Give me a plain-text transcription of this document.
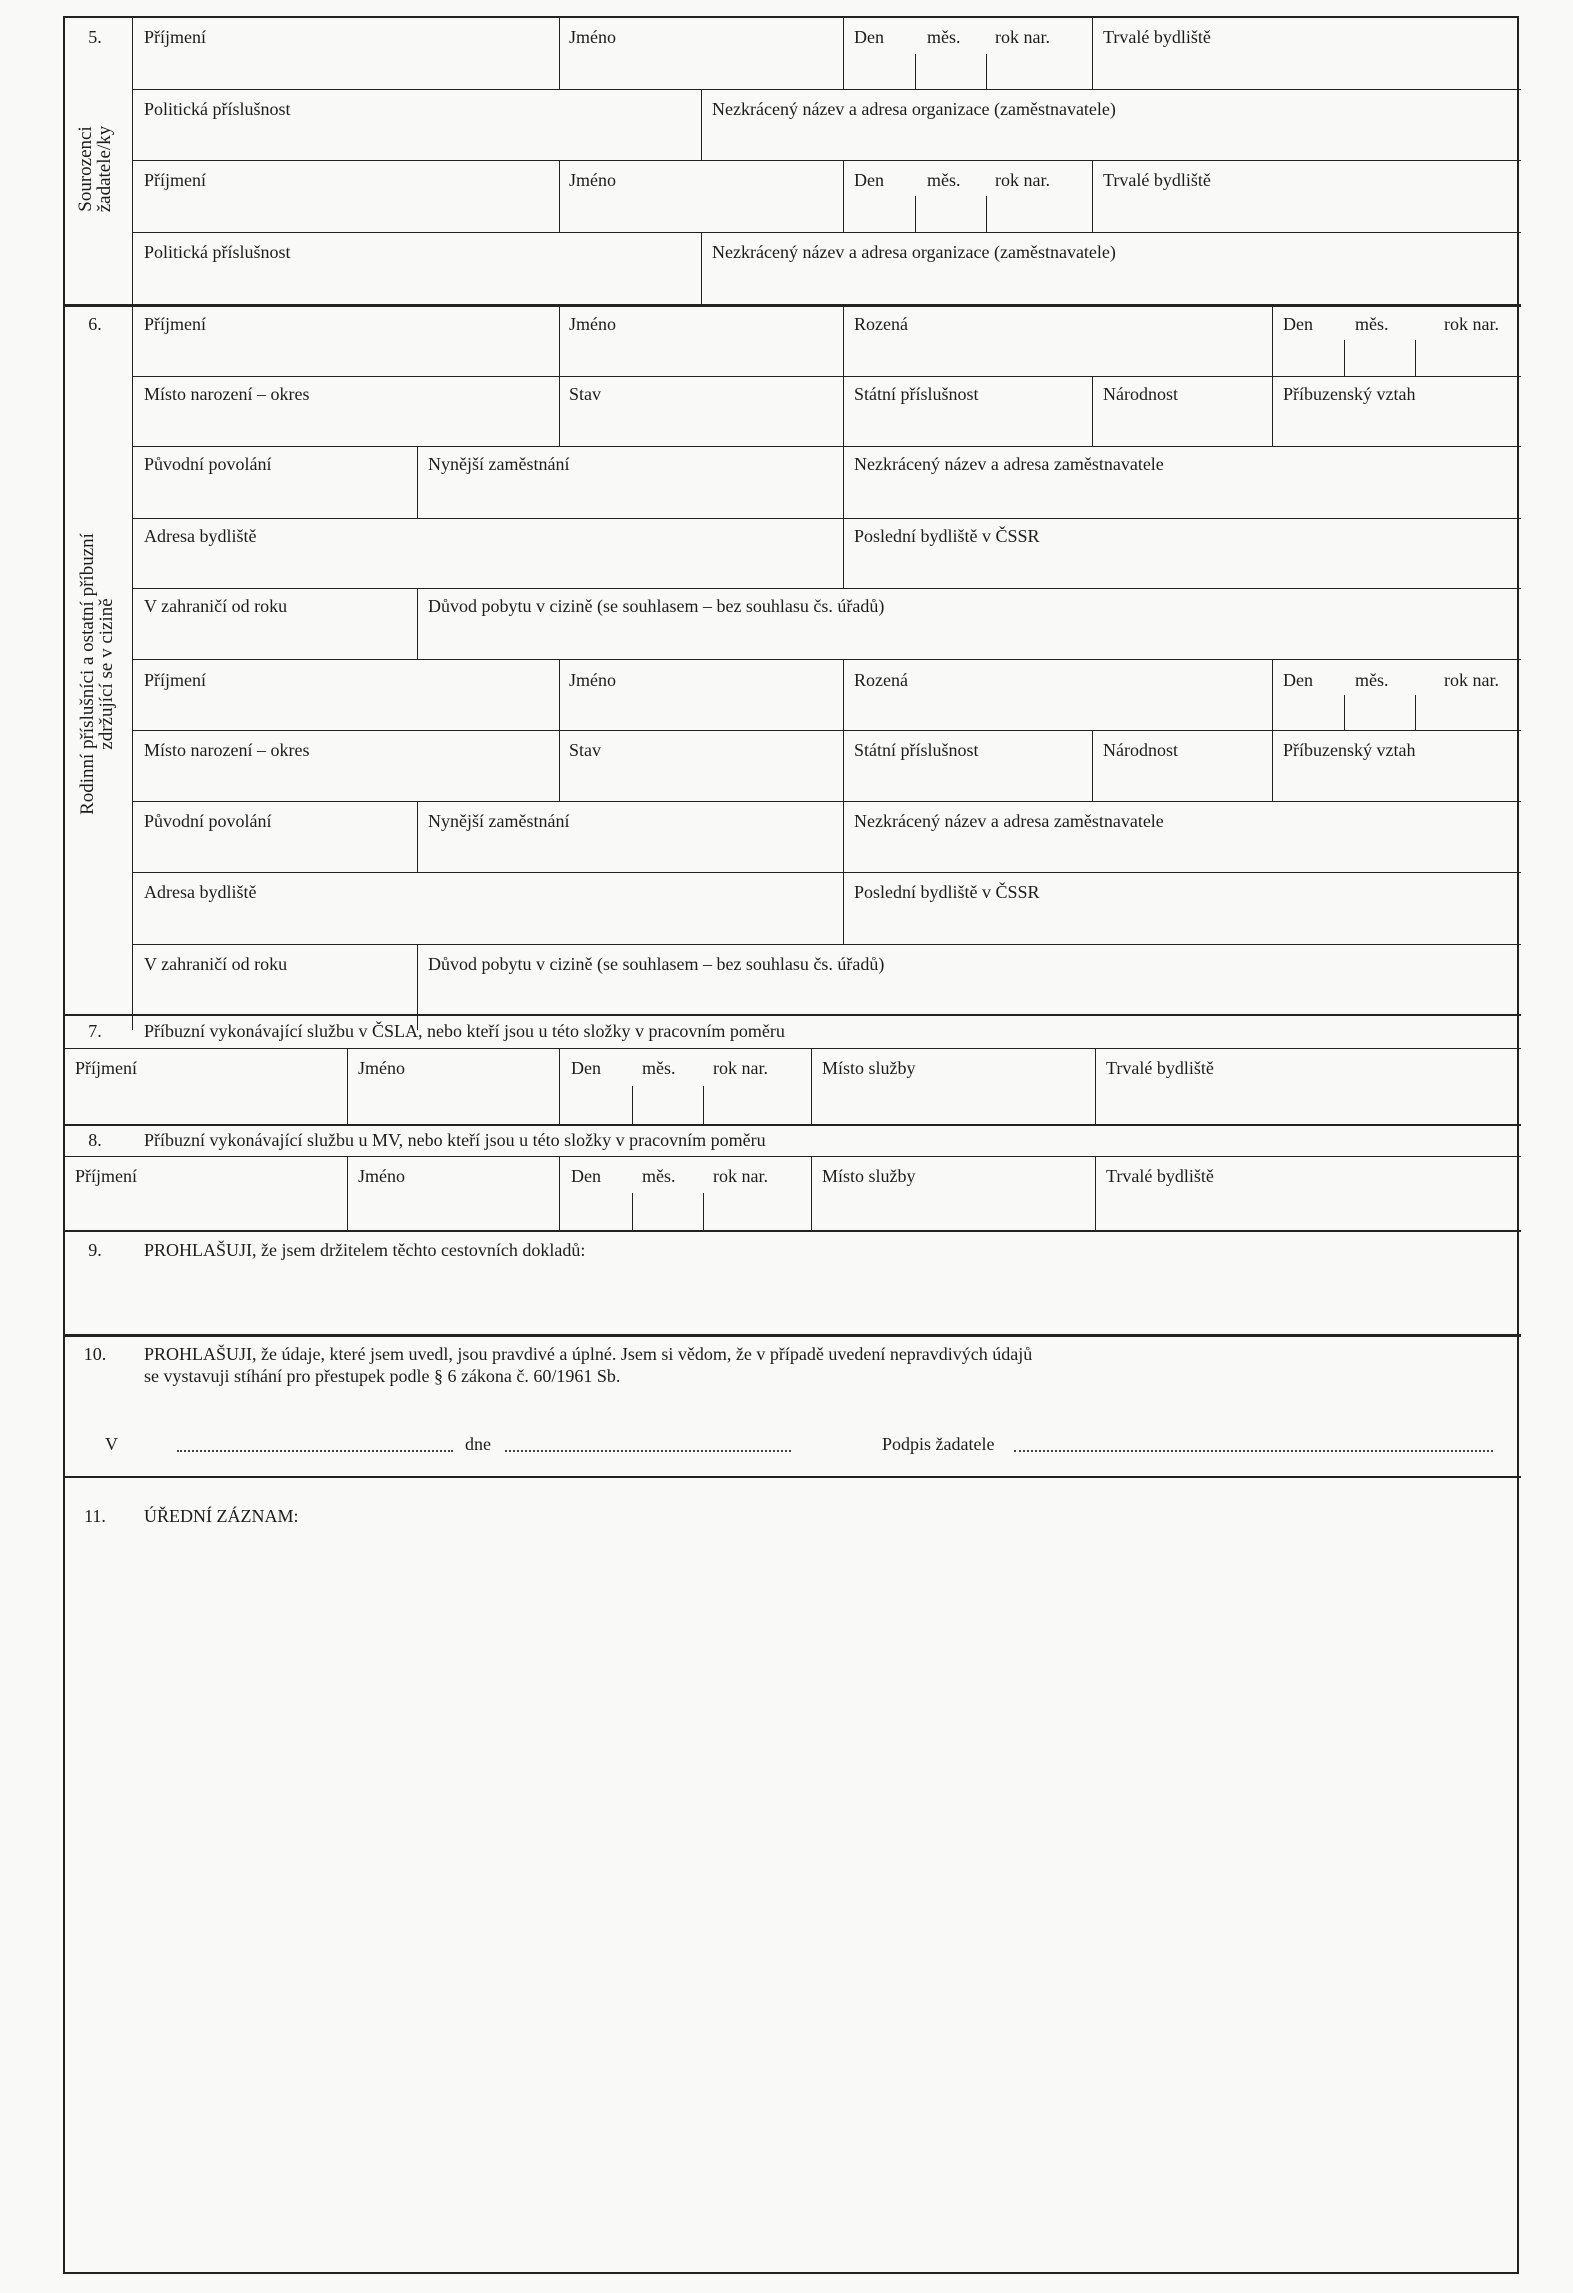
5.
Sourozenci
žadatele/ky
Příjmení	Jméno	Den měs. rok nar.	Trvalé bydliště
Politická příslušnost	Nezkrácený název a adresa organizace (zaměstnavatele)
Příjmení	Jméno	Den měs. rok nar.	Trvalé bydliště
Politická příslušnost	Nezkrácený název a adresa organizace (zaměstnavatele)
6.
Rodinní příslušníci a ostatní příbuzní
zdržující se v cizině
Příjmení	Jméno	Rozená	Den měs.	rok nar.
Místo narození – okres	Stav	Státní příslušnost	Národnost	Příbuzenský vztah
Původní povolání	Nynější zaměstnání	Nezkrácený název a adresa zaměstnavatele
Adresa bydliště	Poslední bydliště v ČSSR
V zahraničí od roku	Důvod pobytu v cizině (se souhlasem – bez souhlasu čs. úřadů)
Příjmení	Jméno	Rozená	Den měs.	rok nar.
Místo narození – okres	Stav	Státní příslušnost	Národnost	Příbuzenský vztah
Původní povolání	Nynější zaměstnání	Nezkrácený název a adresa zaměstnavatele
Adresa bydliště	Poslední bydliště v ČSSR
V zahraničí od roku	Důvod pobytu v cizině (se souhlasem – bez souhlasu čs. úřadů)
7.	Příbuzní vykonávající službu v ČSLA, nebo kteří jsou u této složky v pracovním poměru
Příjmení	Jméno	Den měs. rok nar.	Místo služby	Trvalé bydliště
8.	Příbuzní vykonávající službu u MV, nebo kteří jsou u této složky v pracovním poměru
Příjmení	Jméno	Den měs. rok nar.	Místo služby	Trvalé bydliště
9.	PROHLAŠUJI, že jsem držitelem těchto cestovních dokladů:
10.	PROHLAŠUJI, že údaje, které jsem uvedl, jsou pravdivé a úplné. Jsem si vědom, že v případě uvedení nepravdivých údajů
se vystavuji stíhání pro přestupek podle § 6 zákona č. 60/1961 Sb.
V	dne	Podpis žadatele
11.	ÚŘEDNÍ ZÁZNAM:
